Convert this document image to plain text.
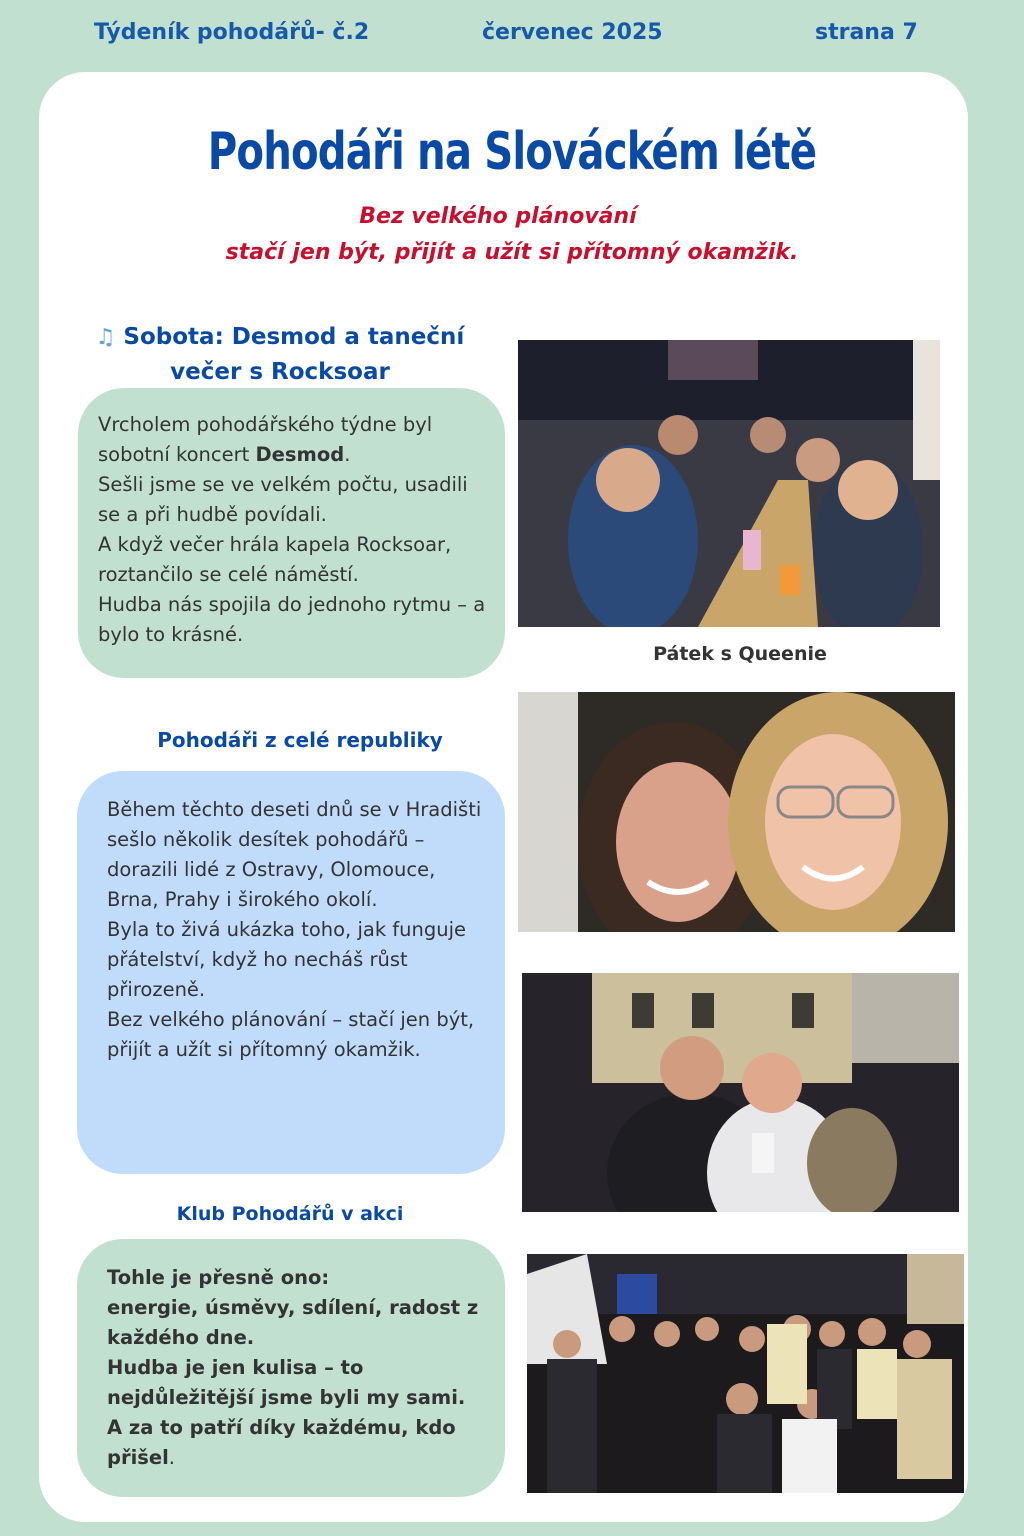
Týdeník pohodářů- č.2	červenec 2025	strana 7
Pohodáři na Slováckém létě
Bez velkého plánování
stačí jen být, přijít a užít si přítomný okamžik.
♫ Sobota: Desmod a taneční
večer s Rocksoar

Vrcholem pohodářského týdne byl sobotní koncert Desmod.
Sešli jsme se ve velkém počtu, usadili se a při hudbě povídali.
A když večer hrála kapela Rocksoar, roztančilo se celé náměstí.
Hudba nás spojila do jednoho rytmu – a bylo to krásné.

Pátek s Queenie
Pohodáři z celé republiky

Během těchto deseti dnů se v Hradišti sešlo několik desítek pohodářů – dorazili lidé z Ostravy, Olomouce, Brna, Prahy i širokého okolí.
Byla to živá ukázka toho, jak funguje přátelství, když ho necháš růst přirozeně.
Bez velkého plánování – stačí jen být, přijít a užít si přítomný okamžik.

Klub Pohodářů v akci

Tohle je přesně ono:
energie, úsměvy, sdílení, radost z každého dne.
Hudba je jen kulisa – to nejdůležitější jsme byli my sami.
A za to patří díky každému, kdo přišel.
